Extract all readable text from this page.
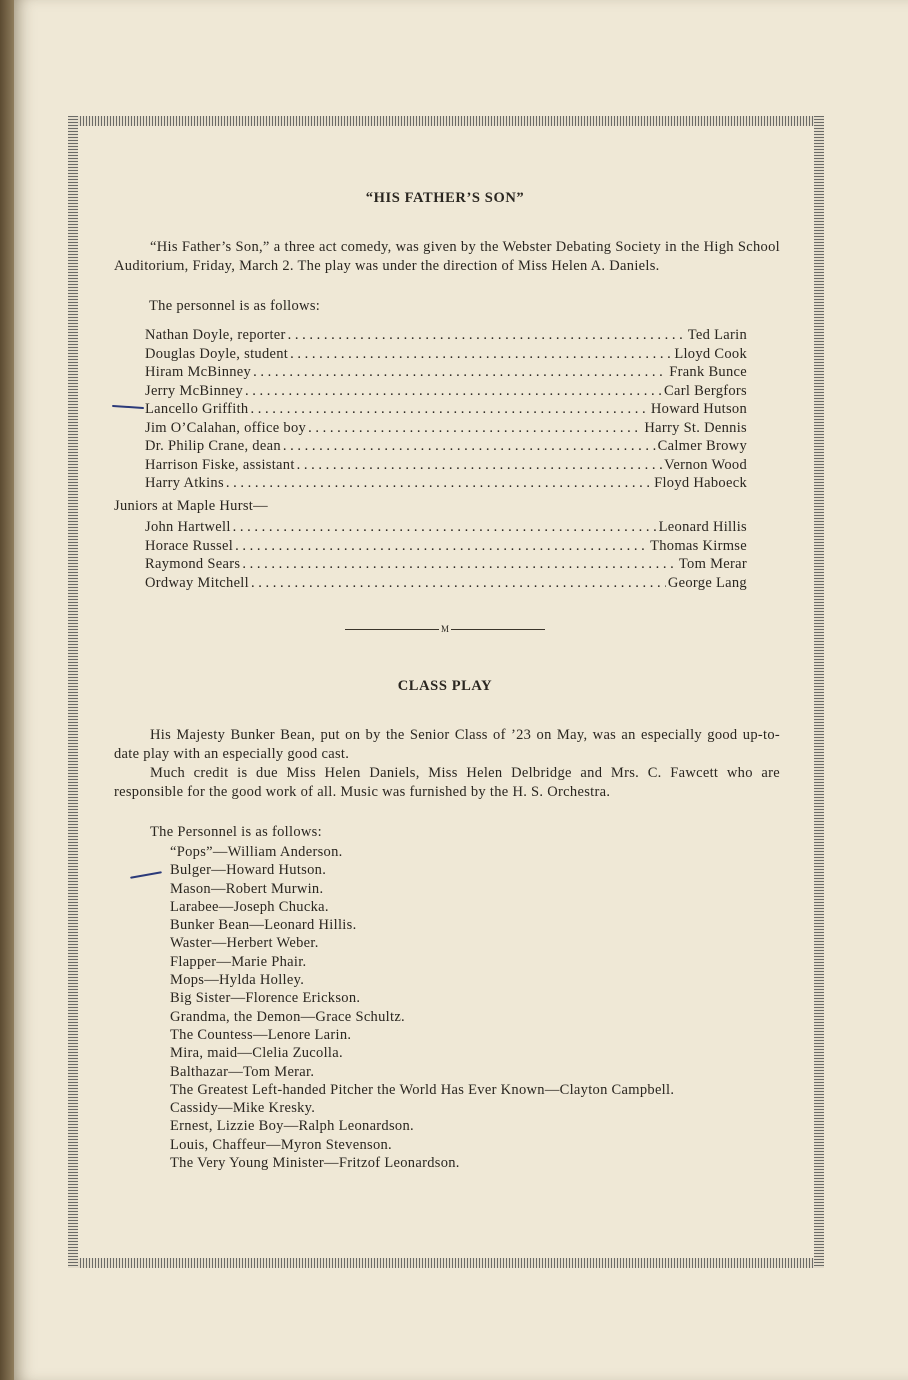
“HIS FATHER’S SON”
“His Father’s Son,” a three act comedy, was given by the Webster Debating Society in the High School Auditorium, Friday, March 2. The play was under the direction of Miss Helen A. Daniels.
The personnel is as follows:
Nathan Doyle, reporter . . .	Ted Larin
Douglas Doyle, student . . .	Lloyd Cook
Hiram McBinney . . .	Frank Bunce
Jerry McBinney . . .	Carl Bergfors
Lancello Griffith . . .	Howard Hutson
Jim O’Calahan, office boy . . .	Harry St. Dennis
Dr. Philip Crane, dean . . .	Calmer Browy
Harrison Fiske, assistant . . .	Vernon Wood
Harry Atkins . . .	Floyd Haboeck
Juniors at Maple Hurst—
John Hartwell . . .	Leonard Hillis
Horace Russel . . .	Thomas Kirmse
Raymond Sears . . .	Tom Merar
Ordway Mitchell . . .	George Lang
M
CLASS PLAY
His Majesty Bunker Bean, put on by the Senior Class of ’23 on May, was an especially good up-to-date play with an especially good cast.
Much credit is due Miss Helen Daniels, Miss Helen Delbridge and Mrs. C. Fawcett who are responsible for the good work of all. Music was furnished by the H. S. Orchestra.
The Personnel is as follows:
“Pops”—William Anderson.
Bulger—Howard Hutson.
Mason—Robert Murwin.
Larabee—Joseph Chucka.
Bunker Bean—Leonard Hillis.
Waster—Herbert Weber.
Flapper—Marie Phair.
Mops—Hylda Holley.
Big Sister—Florence Erickson.
Grandma, the Demon—Grace Schultz.
The Countess—Lenore Larin.
Mira, maid—Clelia Zucolla.
Balthazar—Tom Merar.
The Greatest Left-handed Pitcher the World Has Ever Known—Clayton Campbell.
Cassidy—Mike Kresky.
Ernest, Lizzie Boy—Ralph Leonardson.
Louis, Chaffeur—Myron Stevenson.
The Very Young Minister—Fritzof Leonardson.
